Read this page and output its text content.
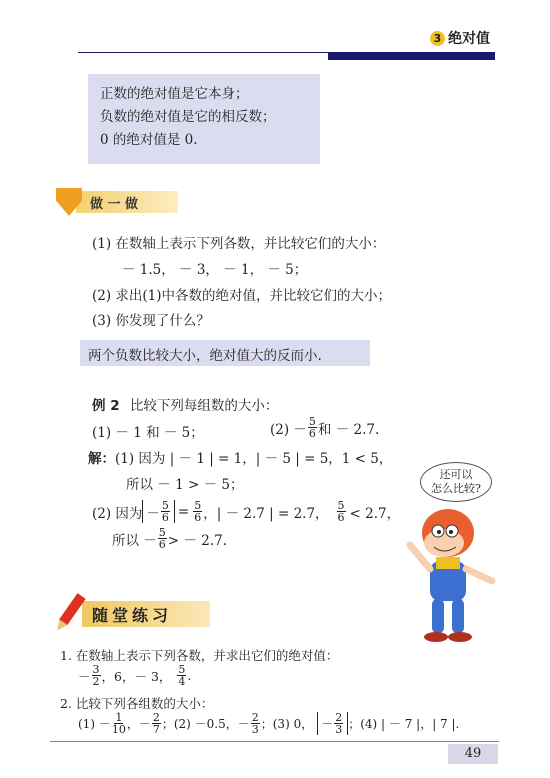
3 绝对值
正数的绝对值是它本身；
负数的绝对值是它的相反数；
0 的绝对值是 0.
做 一 做
(1) 在数轴上表示下列各数，并比较它们的大小：
－ 1.5， － 3， － 1， － 5；
(2) 求出(1)中各数的绝对值，并比较它们的大小；
(3) 你发现了什么？
两个负数比较大小，绝对值大的反而小.
例 2 比较下列每组数的大小：
(1) － 1 和 － 5；	$(2) - \frac{5}{6}$ 和 － 2.7.
解：(1) 因为 | － 1 | = 1，| － 5 | = 5，1 < 5，
所以 － 1 > － 5；
(2) 因为 － $\frac{5}{6} = \frac{5}{6}$ ，| － 2.7 | = 2.7， $\frac{5}{6} < 2.7$，
所以 － $\frac{5}{6}$ > － 2.7.
还可以
怎么比较?
随堂练习
1. 在数轴上表示下列各数，并求出它们的绝对值：
－ $\frac{3}{2}$ ，6，－ 3， $\frac{5}{4}$ .
2. 比较下列各组数的大小：
$(1) - \frac{1}{10}$ ，－ $\frac{2}{7}$ ；(2) －0.5，－ $\frac{2}{3}$ ；(3) 0， － $\frac{2}{3}$ ；(4) | － 7 |，| 7 |.
49
